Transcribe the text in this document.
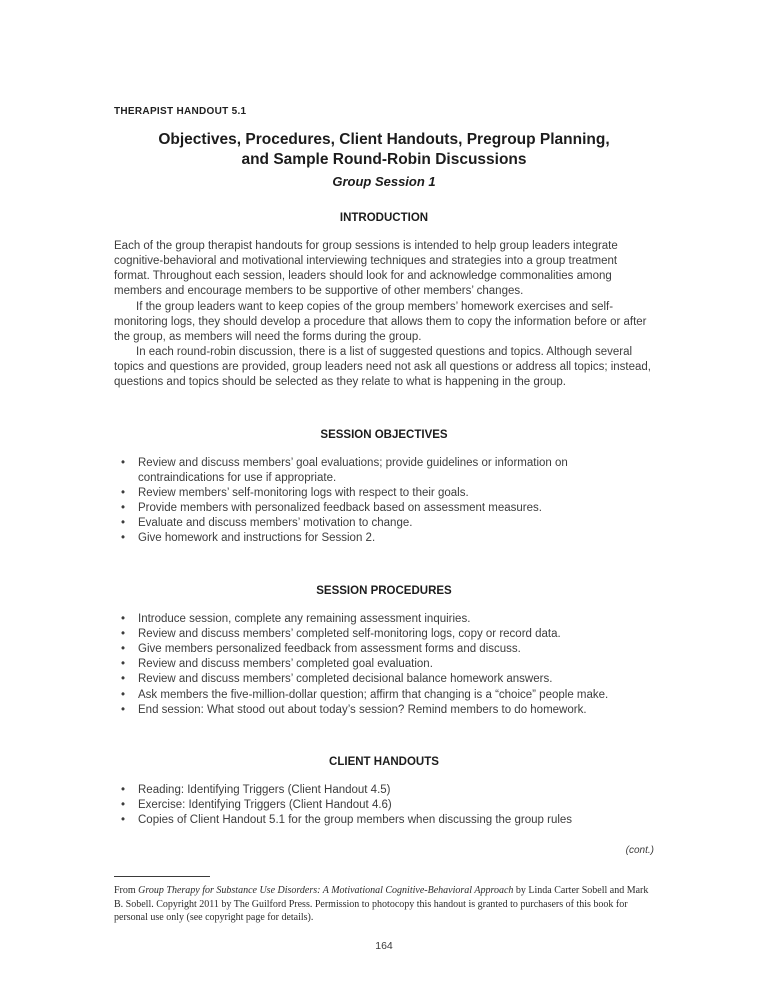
THERAPIST HANDOUT 5.1
Objectives, Procedures, Client Handouts, Pregroup Planning,
and Sample Round-Robin Discussions
Group Session 1
INTRODUCTION

Each of the group therapist handouts for group sessions is intended to help group leaders integrate cognitive-behavioral and motivational interviewing techniques and strategies into a group treatment format. Throughout each session, leaders should look for and acknowledge commonalities among members and encourage members to be supportive of other members’ changes.

If the group leaders want to keep copies of the group members’ homework exercises and self-monitoring logs, they should develop a procedure that allows them to copy the information before or after the group, as members will need the forms during the group.

In each round-robin discussion, there is a list of suggested questions and topics. Although several topics and questions are provided, group leaders need not ask all questions or address all topics; instead, questions and topics should be selected as they relate to what is happening in the group.

SESSION OBJECTIVES
•	Review and discuss members’ goal evaluations; provide guidelines or information on contraindications for use if appropriate.
•	Review members’ self-monitoring logs with respect to their goals.
•	Provide members with personalized feedback based on assessment measures.
•	Evaluate and discuss members’ motivation to change.
•	Give homework and instructions for Session 2.
SESSION PROCEDURES
•	Introduce session, complete any remaining assessment inquiries.
•	Review and discuss members’ completed self-monitoring logs, copy or record data.
•	Give members personalized feedback from assessment forms and discuss.
•	Review and discuss members’ completed goal evaluation.
•	Review and discuss members’ completed decisional balance homework answers.
•	Ask members the five-million-dollar question; affirm that changing is a “choice” people make.
•	End session: What stood out about today’s session? Remind members to do homework.
CLIENT HANDOUTS
•	Reading: Identifying Triggers (Client Handout 4.5)
•	Exercise: Identifying Triggers (Client Handout 4.6)
•	Copies of Client Handout 5.1 for the group members when discussing the group rules
(cont.)

From Group Therapy for Substance Use Disorders: A Motivational Cognitive-Behavioral Approach by Linda Carter Sobell and Mark B. Sobell. Copyright 2011 by The Guilford Press. Permission to photocopy this handout is granted to purchasers of this book for personal use only (see copyright page for details).

164
